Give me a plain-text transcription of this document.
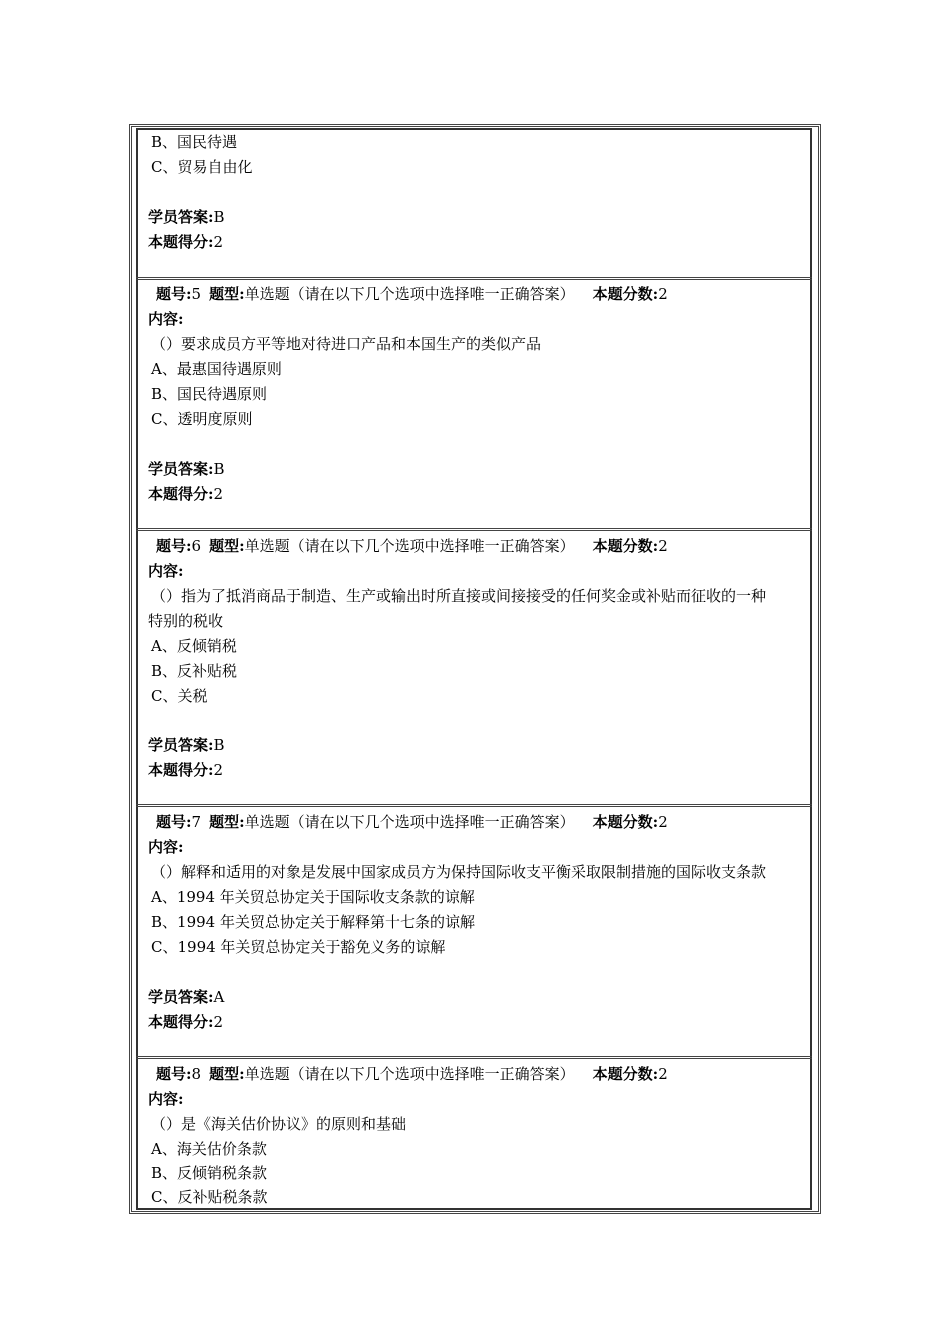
B、国民待遇
C、贸易自由化
学员答案:B
本题得分:2
题号:5 题型:单选题（请在以下几个选项中选择唯一正确答案） 本题分数:2
内容:
（）要求成员方平等地对待进口产品和本国生产的类似产品
A、最惠国待遇原则
B、国民待遇原则
C、透明度原则
学员答案:B
本题得分:2
题号:6 题型:单选题（请在以下几个选项中选择唯一正确答案） 本题分数:2
内容:
（）指为了抵消商品于制造、生产或输出时所直接或间接接受的任何奖金或补贴而征收的一种
特别的税收
A、反倾销税
B、反补贴税
C、关税
学员答案:B
本题得分:2
题号:7 题型:单选题（请在以下几个选项中选择唯一正确答案） 本题分数:2
内容:
（）解释和适用的对象是发展中国家成员方为保持国际收支平衡采取限制措施的国际收支条款
A、1994 年关贸总协定关于国际收支条款的谅解
B、1994 年关贸总协定关于解释第十七条的谅解
C、1994 年关贸总协定关于豁免义务的谅解
学员答案:A
本题得分:2
题号:8 题型:单选题（请在以下几个选项中选择唯一正确答案） 本题分数:2
内容:
（）是《海关估价协议》的原则和基础
A、海关估价条款
B、反倾销税条款
C、反补贴税条款
